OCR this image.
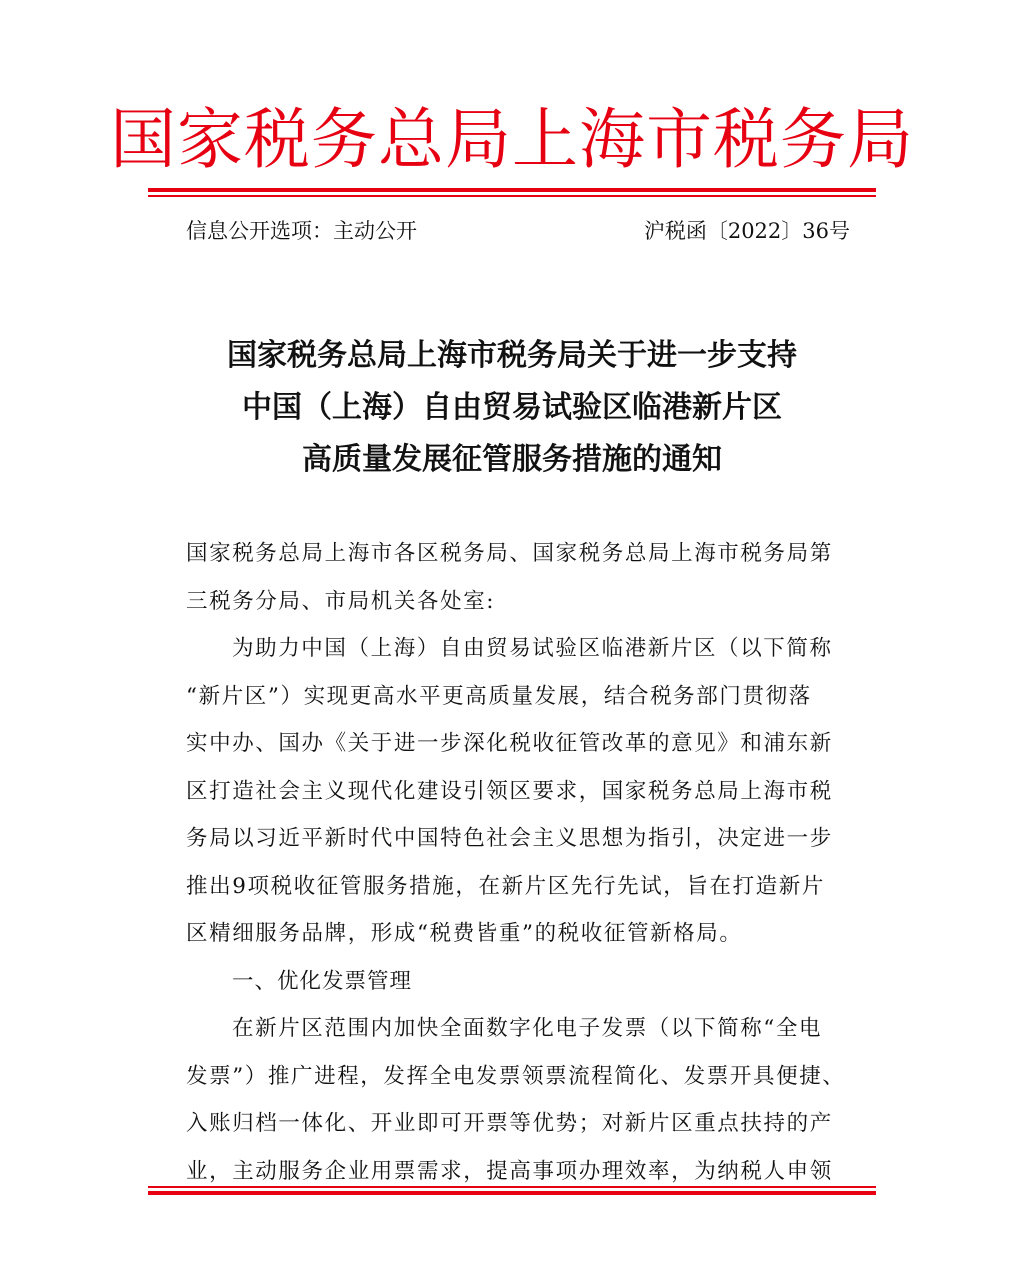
国家税务总局上海市税务局
信息公开选项：主动公开	沪税函〔2022〕36号
国家税务总局上海市税务局关于进一步支持
中国（上海）自由贸易试验区临港新片区
高质量发展征管服务措施的通知
国家税务总局上海市各区税务局、国家税务总局上海市税务局第
三税务分局、市局机关各处室:
为助力中国（上海）自由贸易试验区临港新片区（以下简称
“新片区”）实现更高水平更高质量发展，结合税务部门贯彻落
实中办、国办《关于进一步深化税收征管改革的意见》和浦东新
区打造社会主义现代化建设引领区要求，国家税务总局上海市税
务局以习近平新时代中国特色社会主义思想为指引，决定进一步
推出9项税收征管服务措施，在新片区先行先试，旨在打造新片
区精细服务品牌，形成“税费皆重”的税收征管新格局。
一、优化发票管理
在新片区范围内加快全面数字化电子发票（以下简称“全电
发票”）推广进程，发挥全电发票领票流程简化、发票开具便捷、
入账归档一体化、开业即可开票等优势；对新片区重点扶持的产
业，主动服务企业用票需求，提高事项办理效率，为纳税人申领
